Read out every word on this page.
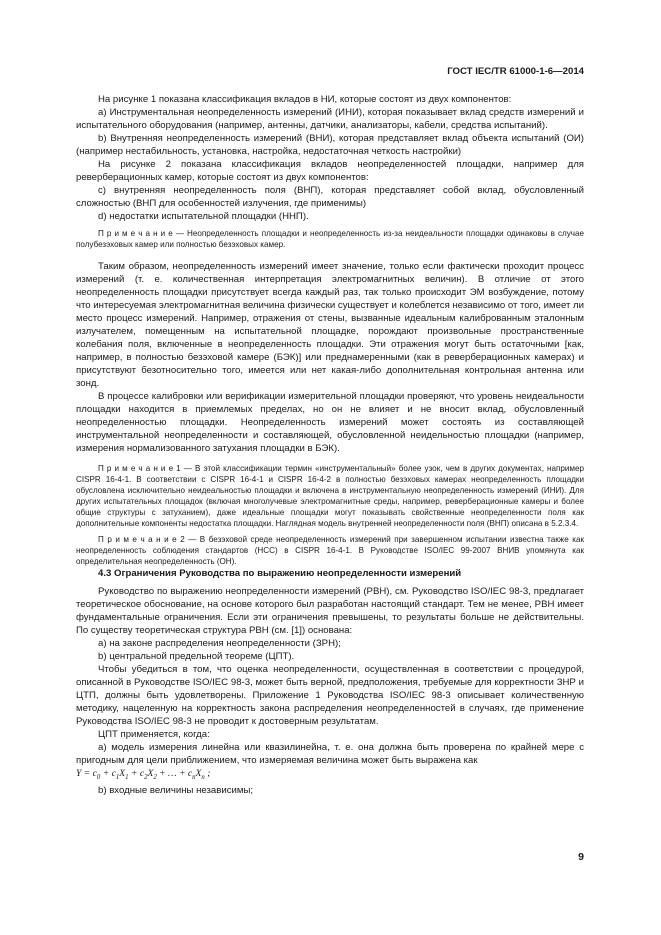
ГОСТ IEC/TR 61000-1-6—2014

На рисунке 1 показана классификация вкладов в НИ, которые состоят из двух компонентов:

a) Инструментальная неопределенность измерений (ИНИ), которая показывает вклад средств измерений и испытательного оборудования (например, антенны, датчики, анализаторы, кабели, средства испытаний).

b) Внутренняя неопределенность измерений (ВНИ), которая представляет вклад объекта испытаний (ОИ) (например нестабильность, установка, настройка, недостаточная четкость настройки)

На рисунке 2 показана классификация вкладов неопределенностей площадки, например для реверберационных камер, которые состоят из двух компонентов:

c) внутренняя неопределенность поля (ВНП), которая представляет собой вклад, обусловленный сложностью (ВНП для особенностей излучения, где применимы)

d) недостатки испытательной площадки (ННП).

П р и м е ч а н и е — Неопределенность площадки и неопределенность из-за неидеальности площадки одинаковы в случае полубезэховых камер или полностью безэховых камер.

Таким образом, неопределенность измерений имеет значение, только если фактически проходит процесс измерений (т. е. количественная интерпретация электромагнитных величин). В отличие от этого неопределенность площадки присутствует всегда каждый раз, так только происходит ЭМ возбуждение, потому что интересуемая электромагнитная величина физически существует и колеблется независимо от того, имеет ли место процесс измерений. Например, отражения от стены, вызванные идеальным калиброванным эталонным излучателем, помещенным на испытательной площадке, порождают произвольные пространственные колебания поля, включенные в неопределенность площадки. Эти отражения могут быть остаточными [как, например, в полностью безэховой камере (БЭК)] или преднамеренными (как в реверберационных камерах) и присутствуют безотносительно того, имеется или нет какая-либо дополнительная контрольная антенна или зонд.

В процессе калибровки или верификации измерительной площадки проверяют, что уровень неидеальности площадки находится в приемлемых пределах, но он не влияет и не вносит вклад, обусловленный неопределенностью площадки. Неопределенность измерений может состоять из составляющей инструментальной неопределенности и составляющей, обусловленной неидельностью площадки (например, измерения нормализованного затухания площадки в БЭК).

П р и м е ч а н и е 1 — В этой классификации термин «инструментальный» более узок, чем в других документах, например CISPR 16-4-1. В соответствии с CISPR 16-4-1 и CISPR 16-4-2 в полностью безэховых камерах неопределенность площадки обусловлена исключительно неидеальностью площадки и включена в инструментальную неопределенность измерений (ИНИ). Для других испытательных площадок (включая многолучевые электромагнитные среды, например, реверберационные камеры и более общие структуры с затуханием), даже идеальные площадки могут показывать свойственные неопределенности поля как дополнительные компоненты недостатка площадки. Наглядная модель внутренней неопределенности поля (ВНП) описана в 5.2.3.4.

П р и м е ч а н и е 2 — В безэховой среде неопределенность измерений при завершенном испытании известна также как неопределенность соблюдения стандартов (НСС) в CISPR 16-4-1. В Руководстве ISO/IEC 99-2007 ВНИВ упомянута как определительная неопределенность (ОН).

4.3 Ограничения Руководства по выражению неопределенности измерений

Руководство по выражению неопределенности измерений (РВН), см. Руководство ISO/IEC 98-3, предлагает теоретическое обоснование, на основе которого был разработан настоящий стандарт. Тем не менее, РВН имеет фундаментальные ограничения. Если эти ограничения превышены, то результаты больше не действительны. По существу теоретическая структура РВН (см. [1]) основана:

a) на законе распределения неопределенности (ЗРН);

b) центральной предельной теореме (ЦПТ).

Чтобы убедиться в том, что оценка неопределенности, осуществленная в соответствии с процедурой, описанной в Руководстве ISO/IEC 98-3, может быть верной, предположения, требуемые для корректности ЗНР и ЦТП, должны быть удовлетворены. Приложение 1 Руководства ISO/IEC 98-3 описывает количественную методику, нацеленную на корректность закона распределения неопределенностей в случаях, где применение Руководства ISO/IEC 98-3 не проводит к достоверным результатам.

ЦПТ применяется, когда:

a) модель измерения линейна или квазилинейна, т. е. она должна быть проверена по крайней мере с пригодным для цели приближением, что измеряемая величина может быть выражена как

$Y = c_0 + c_1X_1 + c_2X_2$ + … + $c_nX_n$ ;

b) входные величины независимы;

9
